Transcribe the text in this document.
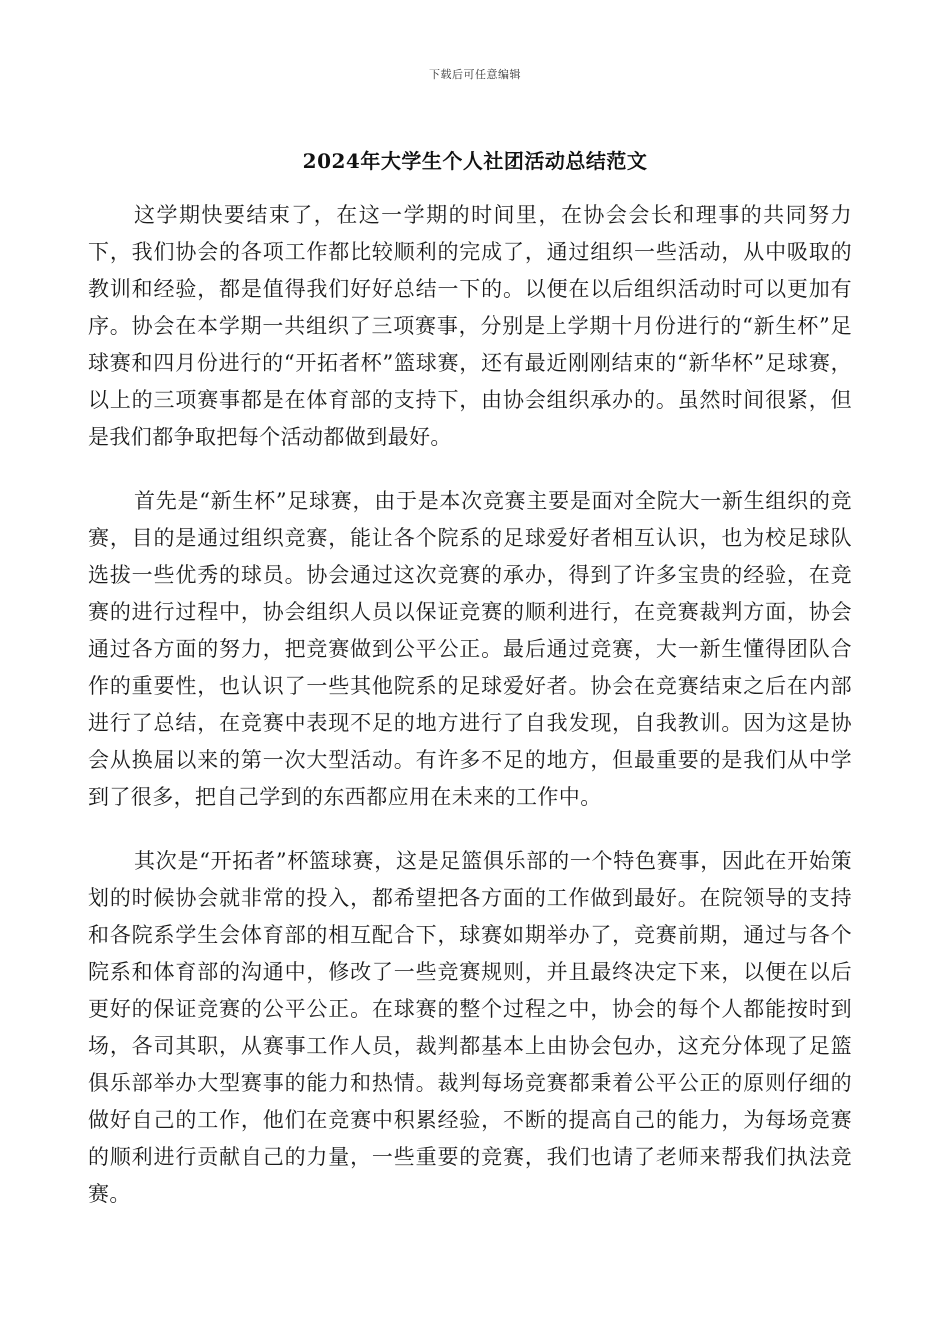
下载后可任意编辑
2024年大学生个人社团活动总结范文

这学期快要结束了，在这一学期的时间里，在协会会长和理事的共同努力下，我们协会的各项工作都比较顺利的完成了，通过组织一些活动，从中吸取的教训和经验，都是值得我们好好总结一下的。以便在以后组织活动时可以更加有序。协会在本学期一共组织了三项赛事，分别是上学期十月份进行的“新生杯”足球赛和四月份进行的“开拓者杯”篮球赛，还有最近刚刚结束的“新华杯”足球赛，以上的三项赛事都是在体育部的支持下，由协会组织承办的。虽然时间很紧，但是我们都争取把每个活动都做到最好。

首先是“新生杯”足球赛，由于是本次竞赛主要是面对全院大一新生组织的竞赛，目的是通过组织竞赛，能让各个院系的足球爱好者相互认识，也为校足球队选拔一些优秀的球员。协会通过这次竞赛的承办，得到了许多宝贵的经验，在竞赛的进行过程中，协会组织人员以保证竞赛的顺利进行，在竞赛裁判方面，协会通过各方面的努力，把竞赛做到公平公正。最后通过竞赛，大一新生懂得团队合作的重要性，也认识了一些其他院系的足球爱好者。协会在竞赛结束之后在内部进行了总结，在竞赛中表现不足的地方进行了自我发现，自我教训。因为这是协会从换届以来的第一次大型活动。有许多不足的地方，但最重要的是我们从中学到了很多，把自己学到的东西都应用在未来的工作中。

其次是“开拓者”杯篮球赛，这是足篮俱乐部的一个特色赛事，因此在开始策划的时候协会就非常的投入，都希望把各方面的工作做到最好。在院领导的支持和各院系学生会体育部的相互配合下，球赛如期举办了，竞赛前期，通过与各个院系和体育部的沟通中，修改了一些竞赛规则，并且最终决定下来，以便在以后更好的保证竞赛的公平公正。在球赛的整个过程之中，协会的每个人都能按时到场，各司其职，从赛事工作人员，裁判都基本上由协会包办，这充分体现了足篮俱乐部举办大型赛事的能力和热情。裁判每场竞赛都秉着公平公正的原则仔细的做好自己的工作，他们在竞赛中积累经验，不断的提高自己的能力，为每场竞赛的顺利进行贡献自己的力量，一些重要的竞赛，我们也请了老师来帮我们执法竞赛。
